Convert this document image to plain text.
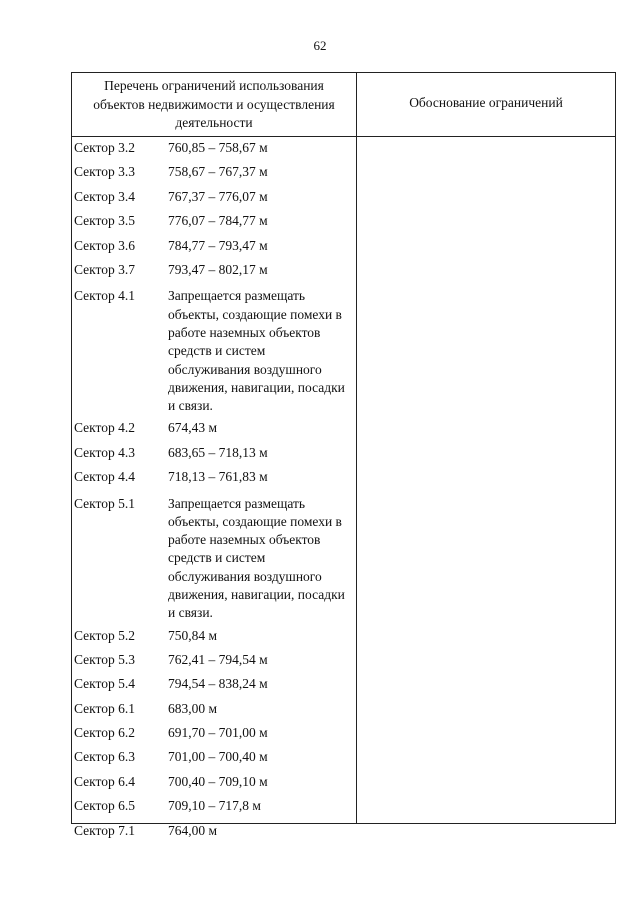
62
Перечень ограничений использования
объектов недвижимости и осуществления
деятельности
Обоснование ограничений
Сектор 3.2 760,85 – 758,67 м
Сектор 3.3 758,67 – 767,37 м
Сектор 3.4 767,37 – 776,07 м
Сектор 3.5 776,07 – 784,77 м
Сектор 3.6 784,77 – 793,47 м
Сектор 3.7 793,47 – 802,17 м
Сектор 4.1 Запрещается размещать
объекты, создающие помехи в
работе наземных объектов
средств и систем
обслуживания воздушного
движения, навигации, посадки
и связи.
Сектор 4.2 674,43 м
Сектор 4.3 683,65 – 718,13 м
Сектор 4.4 718,13 – 761,83 м
Сектор 5.1 Запрещается размещать
объекты, создающие помехи в
работе наземных объектов
средств и систем
обслуживания воздушного
движения, навигации, посадки
и связи.
Сектор 5.2 750,84 м
Сектор 5.3 762,41 – 794,54 м
Сектор 5.4 794,54 – 838,24 м
Сектор 6.1 683,00 м
Сектор 6.2 691,70 – 701,00 м
Сектор 6.3 701,00 – 700,40 м
Сектор 6.4 700,40 – 709,10 м
Сектор 6.5 709,10 – 717,8 м
Сектор 7.1 764,00 м
